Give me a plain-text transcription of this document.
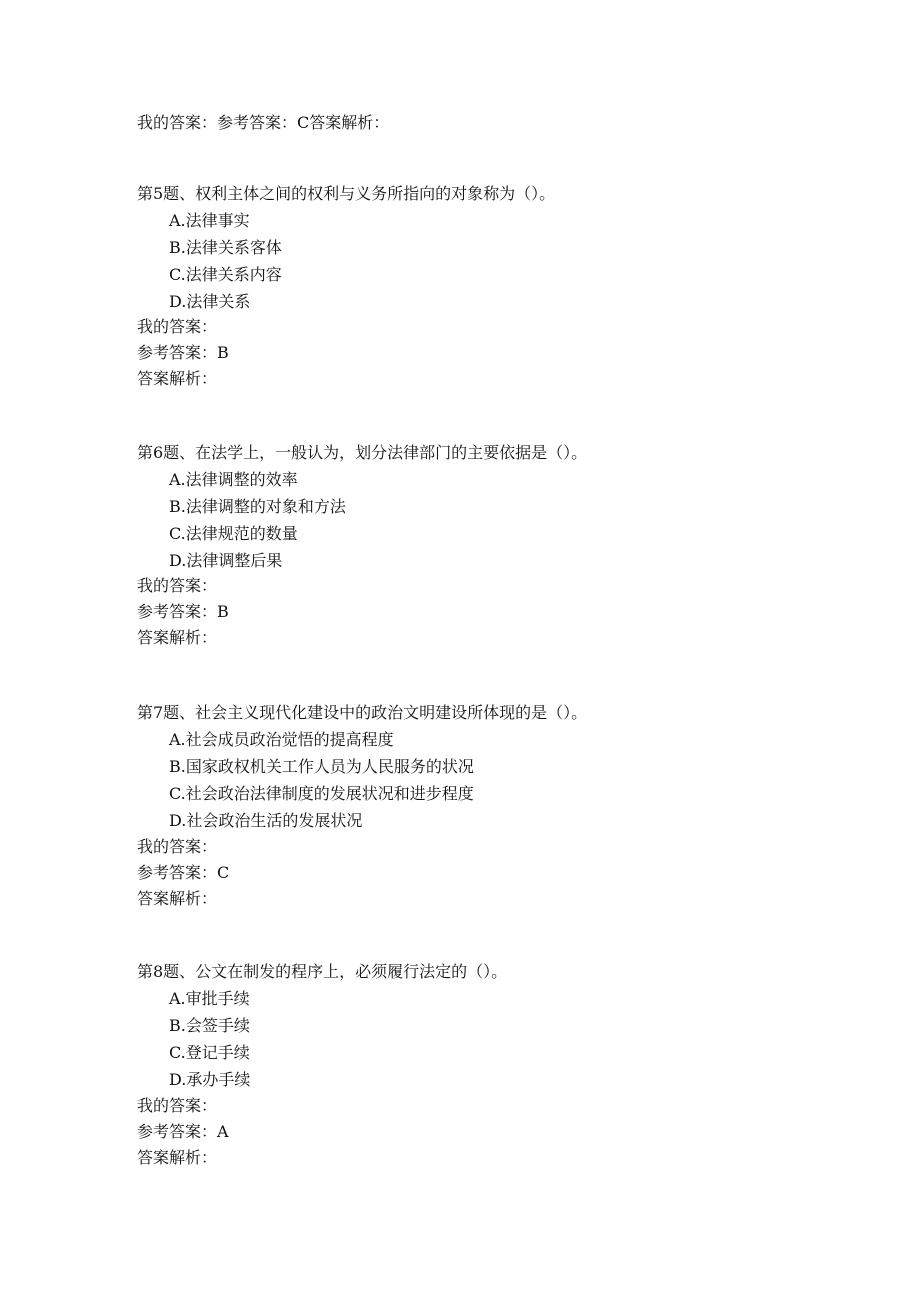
我的答案：参考答案：C答案解析：
第5题、权利主体之间的权利与义务所指向的对象称为（）。
A.法律事实
B.法律关系客体
C.法律关系内容
D.法律关系
我的答案：
参考答案：B
答案解析：
第6题、在法学上，一般认为，划分法律部门的主要依据是（）。
A.法律调整的效率
B.法律调整的对象和方法
C.法律规范的数量
D.法律调整后果
我的答案：
参考答案：B
答案解析：
第7题、社会主义现代化建设中的政治文明建设所体现的是（）。
A.社会成员政治觉悟的提高程度
B.国家政权机关工作人员为人民服务的状况
C.社会政治法律制度的发展状况和进步程度
D.社会政治生活的发展状况
我的答案：
参考答案：C
答案解析：
第8题、公文在制发的程序上，必须履行法定的（）。
A.审批手续
B.会签手续
C.登记手续
D.承办手续
我的答案：
参考答案：A
答案解析：
